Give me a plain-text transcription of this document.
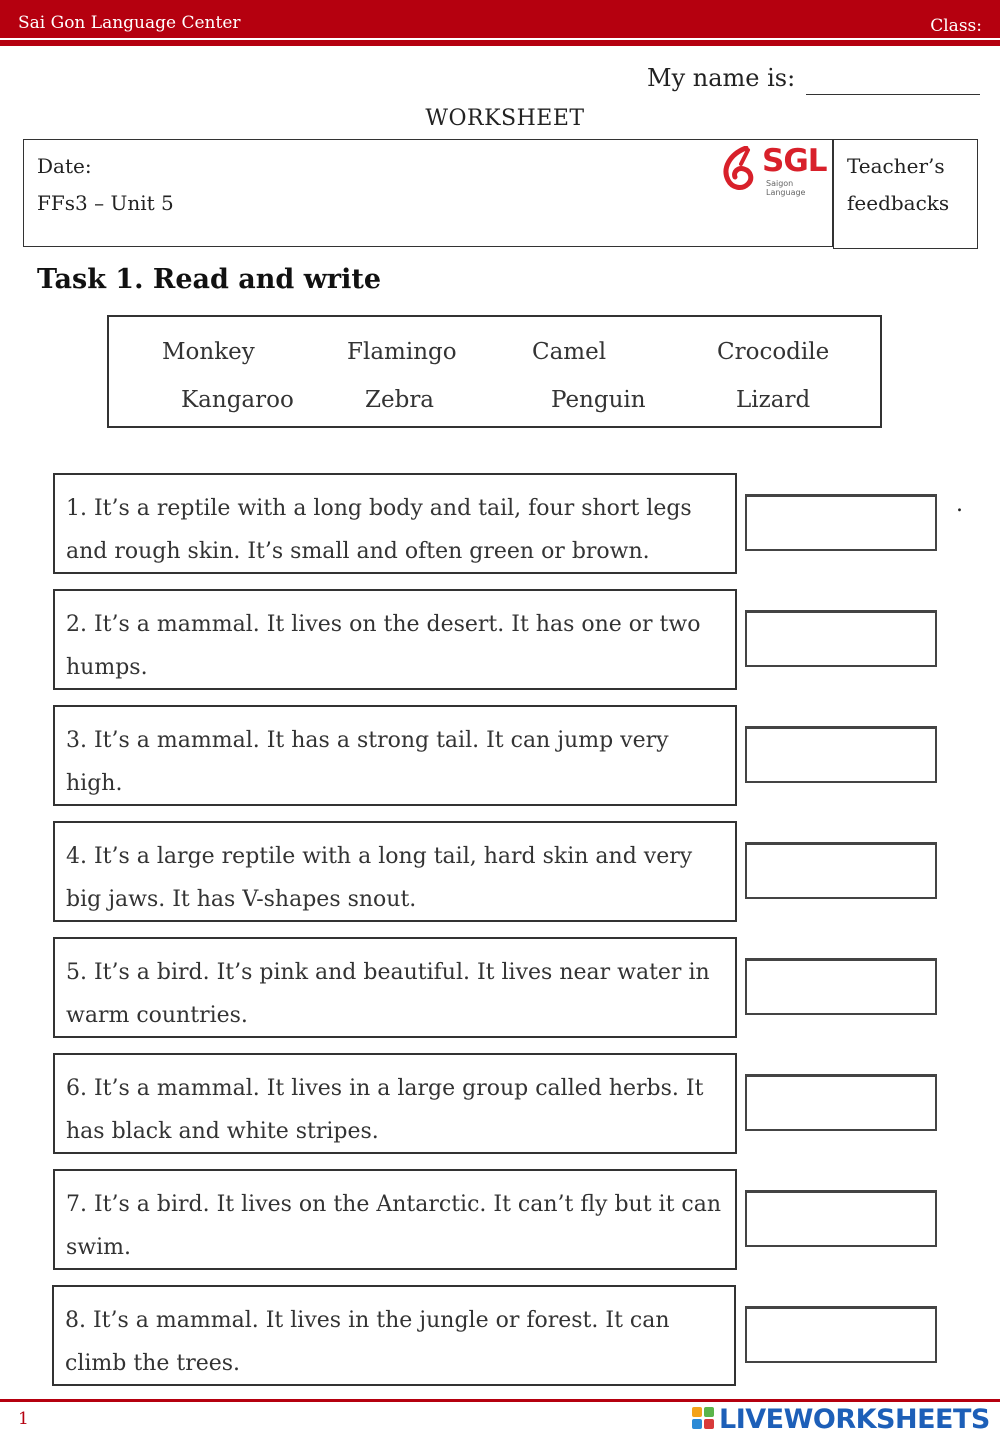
Sai Gon Language Center	Class:
My name is:
WORKSHEET
Date:
FFs3 – Unit 5
Teacher’s
feedbacks
SGL
Saigon Language
Task 1. Read and write
Monkey	Flamingo	Camel	Crocodile
Kangaroo	Zebra	Penguin	Lizard
1. It’s a reptile with a long body and tail, four short legs and rough skin. It’s small and often green or brown.
.
2. It’s a mammal. It lives on the desert. It has one or two humps.
3. It’s a mammal. It has a strong tail. It can jump very high.
4. It’s a large reptile with a long tail, hard skin and very big jaws. It has V-shapes snout.
5. It’s a bird. It’s pink and beautiful. It lives near water in warm countries.
6. It’s a mammal. It lives in a large group called herbs. It has black and white stripes.
7. It’s a bird. It lives on the Antarctic. It can’t fly but it can swim.
8. It’s a mammal. It lives in the jungle or forest. It can climb the trees.
1	LIVEWORKSHEETS
